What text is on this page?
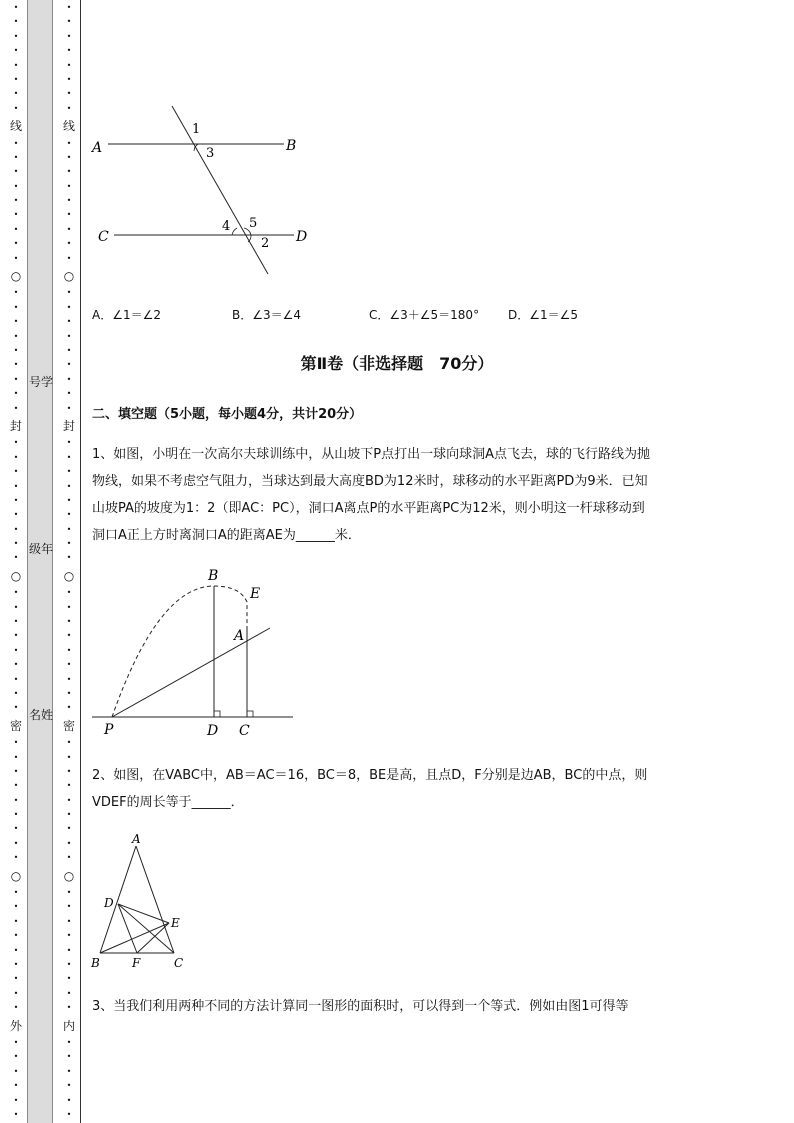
•
•
•
•
•
•
•
•
线
•
•
•
•
•
•
•
•
•
○
•
•
•
•
•
•
•
•
•
封
•
•
•
•
•
•
•
•
•
○
•
•
•
•
•
•
•
•
•
密
•
•
•
•
•
•
•
•
•
○
•
•
•
•
•
•
•
•
•
外
•
•
•
•
•
•
•
•
•
•
•
•
•
•
线
•
•
•
•
•
•
•
•
•
○
•
•
•
•
•
•
•
•
•
封
•
•
•
•
•
•
•
•
•
○
•
•
•
•
•
•
•
•
•
密
•
•
•
•
•
•
•
•
•
○
•
•
•
•
•
•
•
•
•
内
•
•
•
•
•
•
号学
级年
名姓
A	B
C	D
1
3
4 5
2
A．∠1＝∠2	B．∠3＝∠4	C．∠3＋∠5＝180° D．∠1＝∠5
第Ⅱ卷（非选择题　70分）
二、填空题（5小题，每小题4分，共计20分）
1、如图，小明在一次高尔夫球训练中，从山坡下P点打出一球向球洞A点飞去，球的飞行路线为抛
物线，如果不考虑空气阻力，当球达到最大高度BD为12米时，球移动的水平距离PD为9米．已知
山坡PA的坡度为1：2（即AC：PC），洞口A离点P的水平距离PC为12米，则小明这一杆球移动到
洞口A正上方时离洞口A的距离AE为______米．
B
E
A
P	D C
2、如图，在VABC中，AB＝AC＝16，BC＝8，BE是高，且点D，F分别是边AB，BC的中点，则
VDEF的周长等于______．
A
D
E
B	F	C
3、当我们利用两种不同的方法计算同一图形的面积时，可以得到一个等式．例如由图1可得等
